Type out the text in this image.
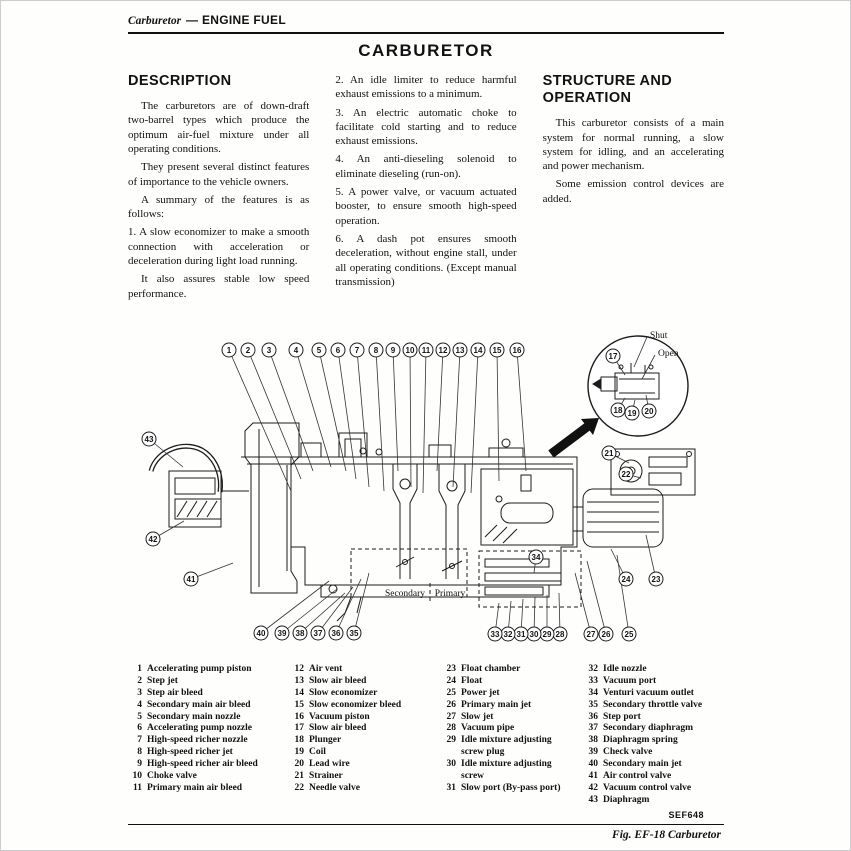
Carburetor — ENGINE FUEL
CARBURETOR
DESCRIPTION

The carburetors are of down-draft two-barrel types which produce the optimum air-fuel mixture under all operating conditions.

They present several distinct features of importance to the vehicle owners.

A summary of the features is as follows:

1. A slow economizer to make a smooth connection with acceleration or deceleration during light load running.

It also assures stable low speed performance.

2. An idle limiter to reduce harmful exhaust emissions to a minimum.

3. An electric automatic choke to facilitate cold starting and to reduce exhaust emissions.

4. An anti-dieseling solenoid to eliminate dieseling (run-on).

5. A power valve, or vacuum actuated booster, to ensure smooth high-speed operation.

6. A dash pot ensures smooth deceleration, without engine stall, under all operating conditions. (Except manual transmission)

STRUCTURE AND OPERATION

This carburetor consists of a main system for normal running, a slow system for idling, and an accelerating and power mechanism.

Some emission control devices are added.

1 2 3	4 5 6 7 8 9 10 11 12 13 14 15 16
17
18 19 20
21
22
23
24
25
26
27
28
29
30
31
32
33
34
35
36
37
38
39
40
41
42
43
Shut
Open
Secondary Primary
1 Accelerating pump piston
2 Step jet
3 Step air bleed
4 Secondary main air bleed
5 Secondary main nozzle
6 Accelerating pump nozzle
7 High-speed richer nozzle
8 High-speed richer jet
9 High-speed richer air bleed
10 Choke valve
11 Primary main air bleed
12 Air vent
13 Slow air bleed
14 Slow economizer
15 Slow economizer bleed
16 Vacuum piston
17 Slow air bleed
18 Plunger
19 Coil
20 Lead wire
21 Strainer
22 Needle valve
23 Float chamber
24 Float
25 Power jet
26 Primary main jet
27 Slow jet
28 Vacuum pipe
29 Idle mixture adjusting screw plug
30 Idle mixture adjusting screw
31 Slow port (By-pass port)
32 Idle nozzle
33 Vacuum port
34 Venturi vacuum outlet
35 Secondary throttle valve
36 Step port
37 Secondary diaphragm
38 Diaphragm spring
39 Check valve
40 Secondary main jet
41 Air control valve
42 Vacuum control valve
43 Diaphragm
SEF648
Fig. EF-18 Carburetor
